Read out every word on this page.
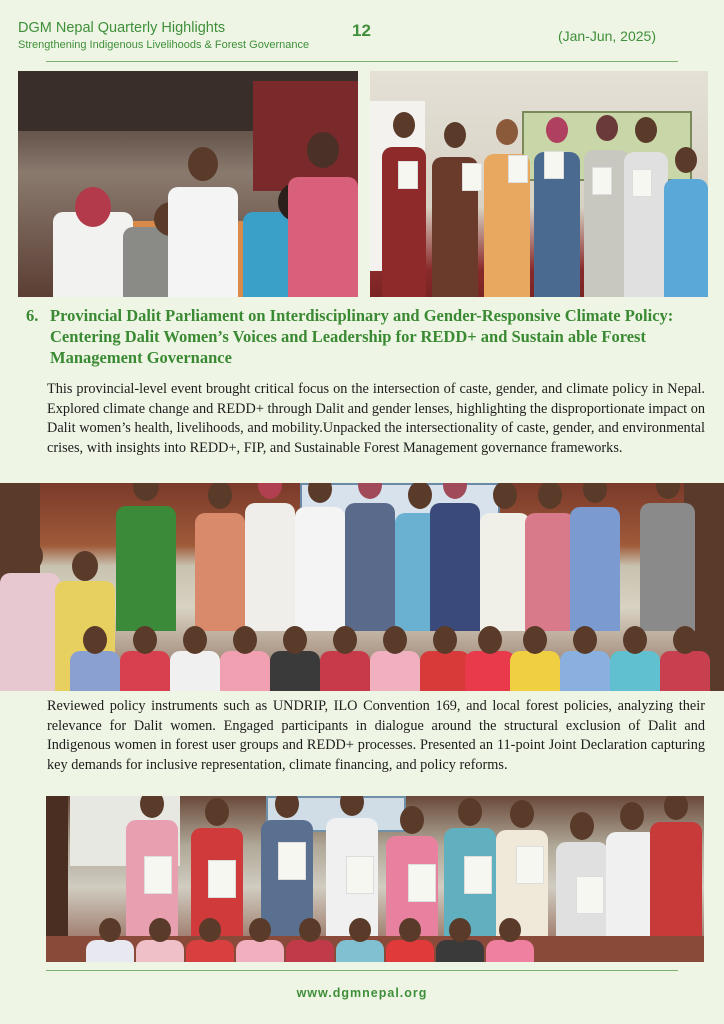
DGM Nepal Quarterly Highlights
Strengthening Indigenous Livelihoods & Forest Governance
12	(Jan-Jun, 2025)
6. Provincial Dalit Parliament on Interdisciplinary and Gender-Responsive Climate Policy: Centering Dalit Women’s Voices and Leadership for REDD+ and Sustain able Forest Management Governance

This provincial-level event brought critical focus on the intersection of caste, gender, and climate policy in Nepal. Explored climate change and REDD+ through Dalit and gender lenses, highlighting the disproportionate impact on Dalit women’s health, livelihoods, and mobility.Unpacked the intersectionality of caste, gender, and environmental crises, with insights into REDD+, FIP, and Sustainable Forest Management governance frameworks.

Reviewed policy instruments such as UNDRIP, ILO Convention 169, and local forest policies, analyzing their relevance for Dalit women. Engaged participants in dialogue around the structural exclusion of Dalit and Indigenous women in forest user groups and REDD+ processes. Presented an 11-point Joint Declaration capturing key demands for inclusive representation, climate financing, and policy reforms.

www.dgmnepal.org
